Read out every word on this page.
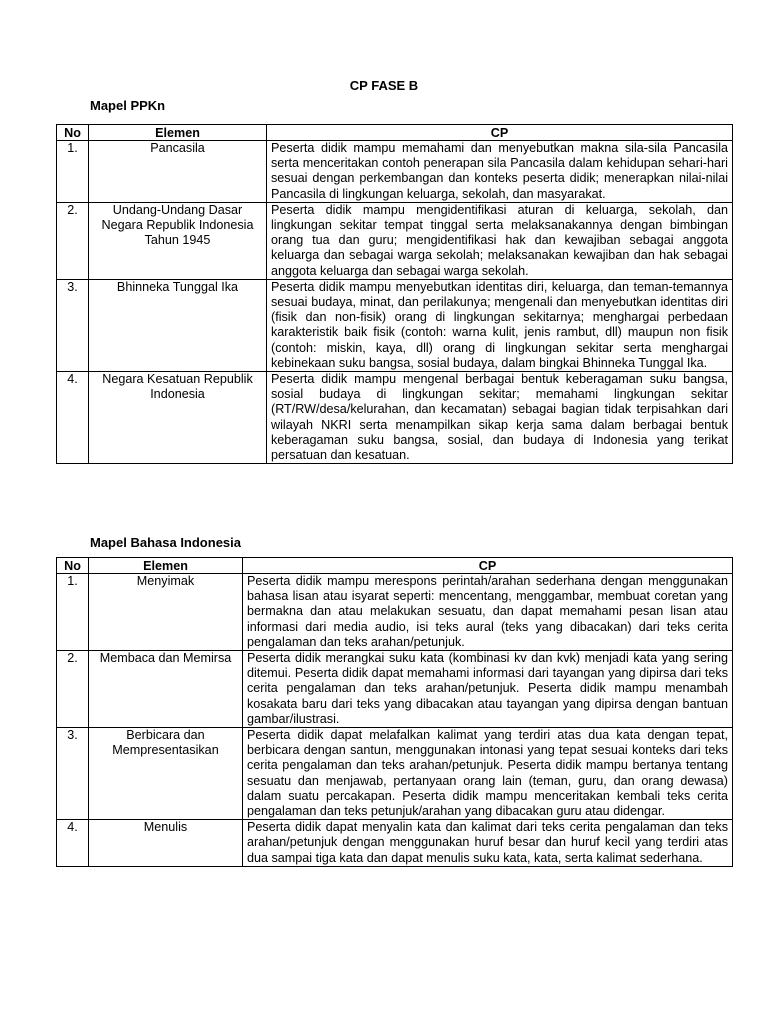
CP FASE B
Mapel PPKn
No	Elemen	CP
1.	Pancasila	Peserta didik mampu memahami dan menyebutkan makna sila-sila Pancasila serta menceritakan contoh penerapan sila Pancasila dalam kehidupan sehari-hari sesuai dengan perkembangan dan konteks peserta didik; menerapkan nilai-nilai Pancasila di lingkungan keluarga, sekolah, dan masyarakat.
2.	Undang-Undang Dasar Negara Republik Indonesia Tahun 1945	Peserta didik mampu mengidentifikasi aturan di keluarga, sekolah, dan lingkungan sekitar tempat tinggal serta melaksanakannya dengan bimbingan orang tua dan guru; mengidentifikasi hak dan kewajiban sebagai anggota keluarga dan sebagai warga sekolah; melaksanakan kewajiban dan hak sebagai anggota keluarga dan sebagai warga sekolah.
3.	Bhinneka Tunggal Ika	Peserta didik mampu menyebutkan identitas diri, keluarga, dan teman-temannya sesuai budaya, minat, dan perilakunya; mengenali dan menyebutkan identitas diri (fisik dan non-fisik) orang di lingkungan sekitarnya; menghargai perbedaan karakteristik baik fisik (contoh: warna kulit, jenis rambut, dll) maupun non fisik (contoh: miskin, kaya, dll) orang di lingkungan sekitar serta menghargai kebinekaan suku bangsa, sosial budaya, dalam bingkai Bhinneka Tunggal Ika.
4.	Negara Kesatuan Republik Indonesia	Peserta didik mampu mengenal berbagai bentuk keberagaman suku bangsa, sosial budaya di lingkungan sekitar; memahami lingkungan sekitar (RT/RW/desa/kelurahan, dan kecamatan) sebagai bagian tidak terpisahkan dari wilayah NKRI serta menampilkan sikap kerja sama dalam berbagai bentuk keberagaman suku bangsa, sosial, dan budaya di Indonesia yang terikat persatuan dan kesatuan.
Mapel Bahasa Indonesia
No	Elemen	CP
1.	Menyimak	Peserta didik mampu merespons perintah/arahan sederhana dengan menggunakan bahasa lisan atau isyarat seperti: mencentang, menggambar, membuat coretan yang bermakna dan atau melakukan sesuatu, dan dapat memahami pesan lisan atau informasi dari media audio, isi teks aural (teks yang dibacakan) dari teks cerita pengalaman dan teks arahan/petunjuk.
2.	Membaca dan Memirsa	Peserta didik merangkai suku kata (kombinasi kv dan kvk) menjadi kata yang sering ditemui. Peserta didik dapat memahami informasi dari tayangan yang dipirsa dari teks cerita pengalaman dan teks arahan/petunjuk. Peserta didik mampu menambah kosakata baru dari teks yang dibacakan atau tayangan yang dipirsa dengan bantuan gambar/ilustrasi.
3.	Berbicara dan Mempresentasikan	Peserta didik dapat melafalkan kalimat yang terdiri atas dua kata dengan tepat, berbicara dengan santun, menggunakan intonasi yang tepat sesuai konteks dari teks cerita pengalaman dan teks arahan/petunjuk. Peserta didik mampu bertanya tentang sesuatu dan menjawab, pertanyaan orang lain (teman, guru, dan orang dewasa) dalam suatu percakapan. Peserta didik mampu menceritakan kembali teks cerita pengalaman dan teks petunjuk/arahan yang dibacakan guru atau didengar.
4.	Menulis	Peserta didik dapat menyalin kata dan kalimat dari teks cerita pengalaman dan teks arahan/petunjuk dengan menggunakan huruf besar dan huruf kecil yang terdiri atas dua sampai tiga kata dan dapat menulis suku kata, kata, serta kalimat sederhana.
